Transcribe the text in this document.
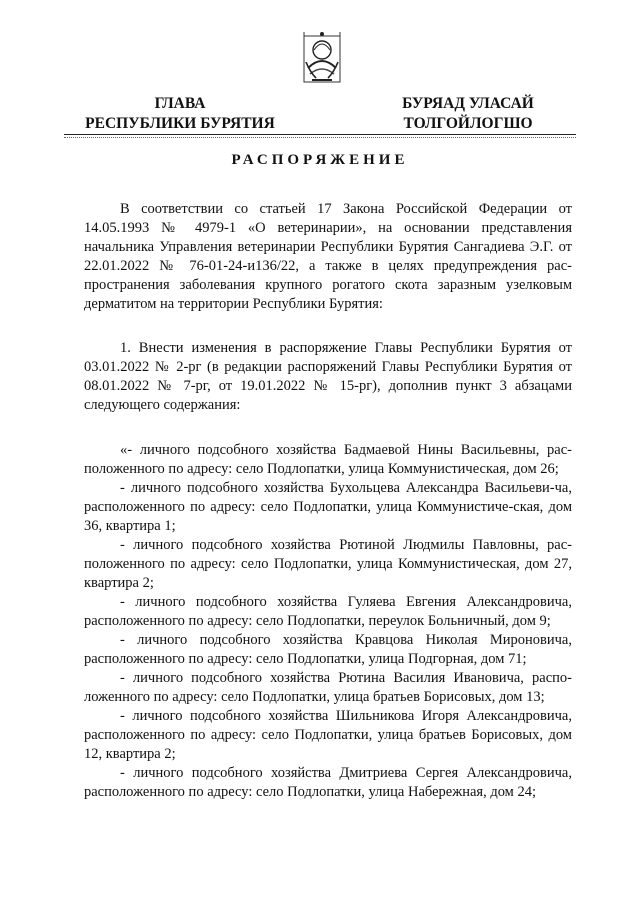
ГЛАВА
РЕСПУБЛИКИ БУРЯТИЯ
БУРЯАД УЛАСАЙ
ТОЛГОЙЛОГШО
РАСПОРЯЖЕНИЕ

В соответствии со статьей 17 Закона Российской Федерации от 14.05.1993 № 4979-1 «О ветеринарии», на основании представления начальника Управления ветеринарии Республики Бурятия Сангадиева Э.Г. от 22.01.2022 № 76-01-24-и136/22, а также в целях предупреждения рас-пространения заболевания крупного рогатого скота заразным узелковым дерматитом на территории Республики Бурятия:

1. Внести изменения в распоряжение Главы Республики Бурятия от 03.01.2022 № 2-рг (в редакции распоряжений Главы Республики Бурятия от 08.01.2022 № 7-рг, от 19.01.2022 № 15-рг), дополнив пункт 3 абзацами следующего содержания:

«- личного подсобного хозяйства Бадмаевой Нины Васильевны, рас-положенного по адресу: село Подлопатки, улица Коммунистическая, дом 26;

- личного подсобного хозяйства Бухольцева Александра Васильеви-ча, расположенного по адресу: село Подлопатки, улица Коммунистиче-ская, дом 36, квартира 1;

- личного подсобного хозяйства Рютиной Людмилы Павловны, рас-положенного по адресу: село Подлопатки, улица Коммунистическая, дом 27, квартира 2;

- личного подсобного хозяйства Гуляева Евгения Александровича, расположенного по адресу: село Подлопатки, переулок Больничный, дом 9;

- личного подсобного хозяйства Кравцова Николая Мироновича, расположенного по адресу: село Подлопатки, улица Подгорная, дом 71;

- личного подсобного хозяйства Рютина Василия Ивановича, распо-ложенного по адресу: село Подлопатки, улица братьев Борисовых, дом 13;

- личного подсобного хозяйства Шильникова Игоря Александровича, расположенного по адресу: село Подлопатки, улица братьев Борисовых, дом 12, квартира 2;

- личного подсобного хозяйства Дмитриева Сергея Александровича, расположенного по адресу: село Подлопатки, улица Набережная, дом 24;
